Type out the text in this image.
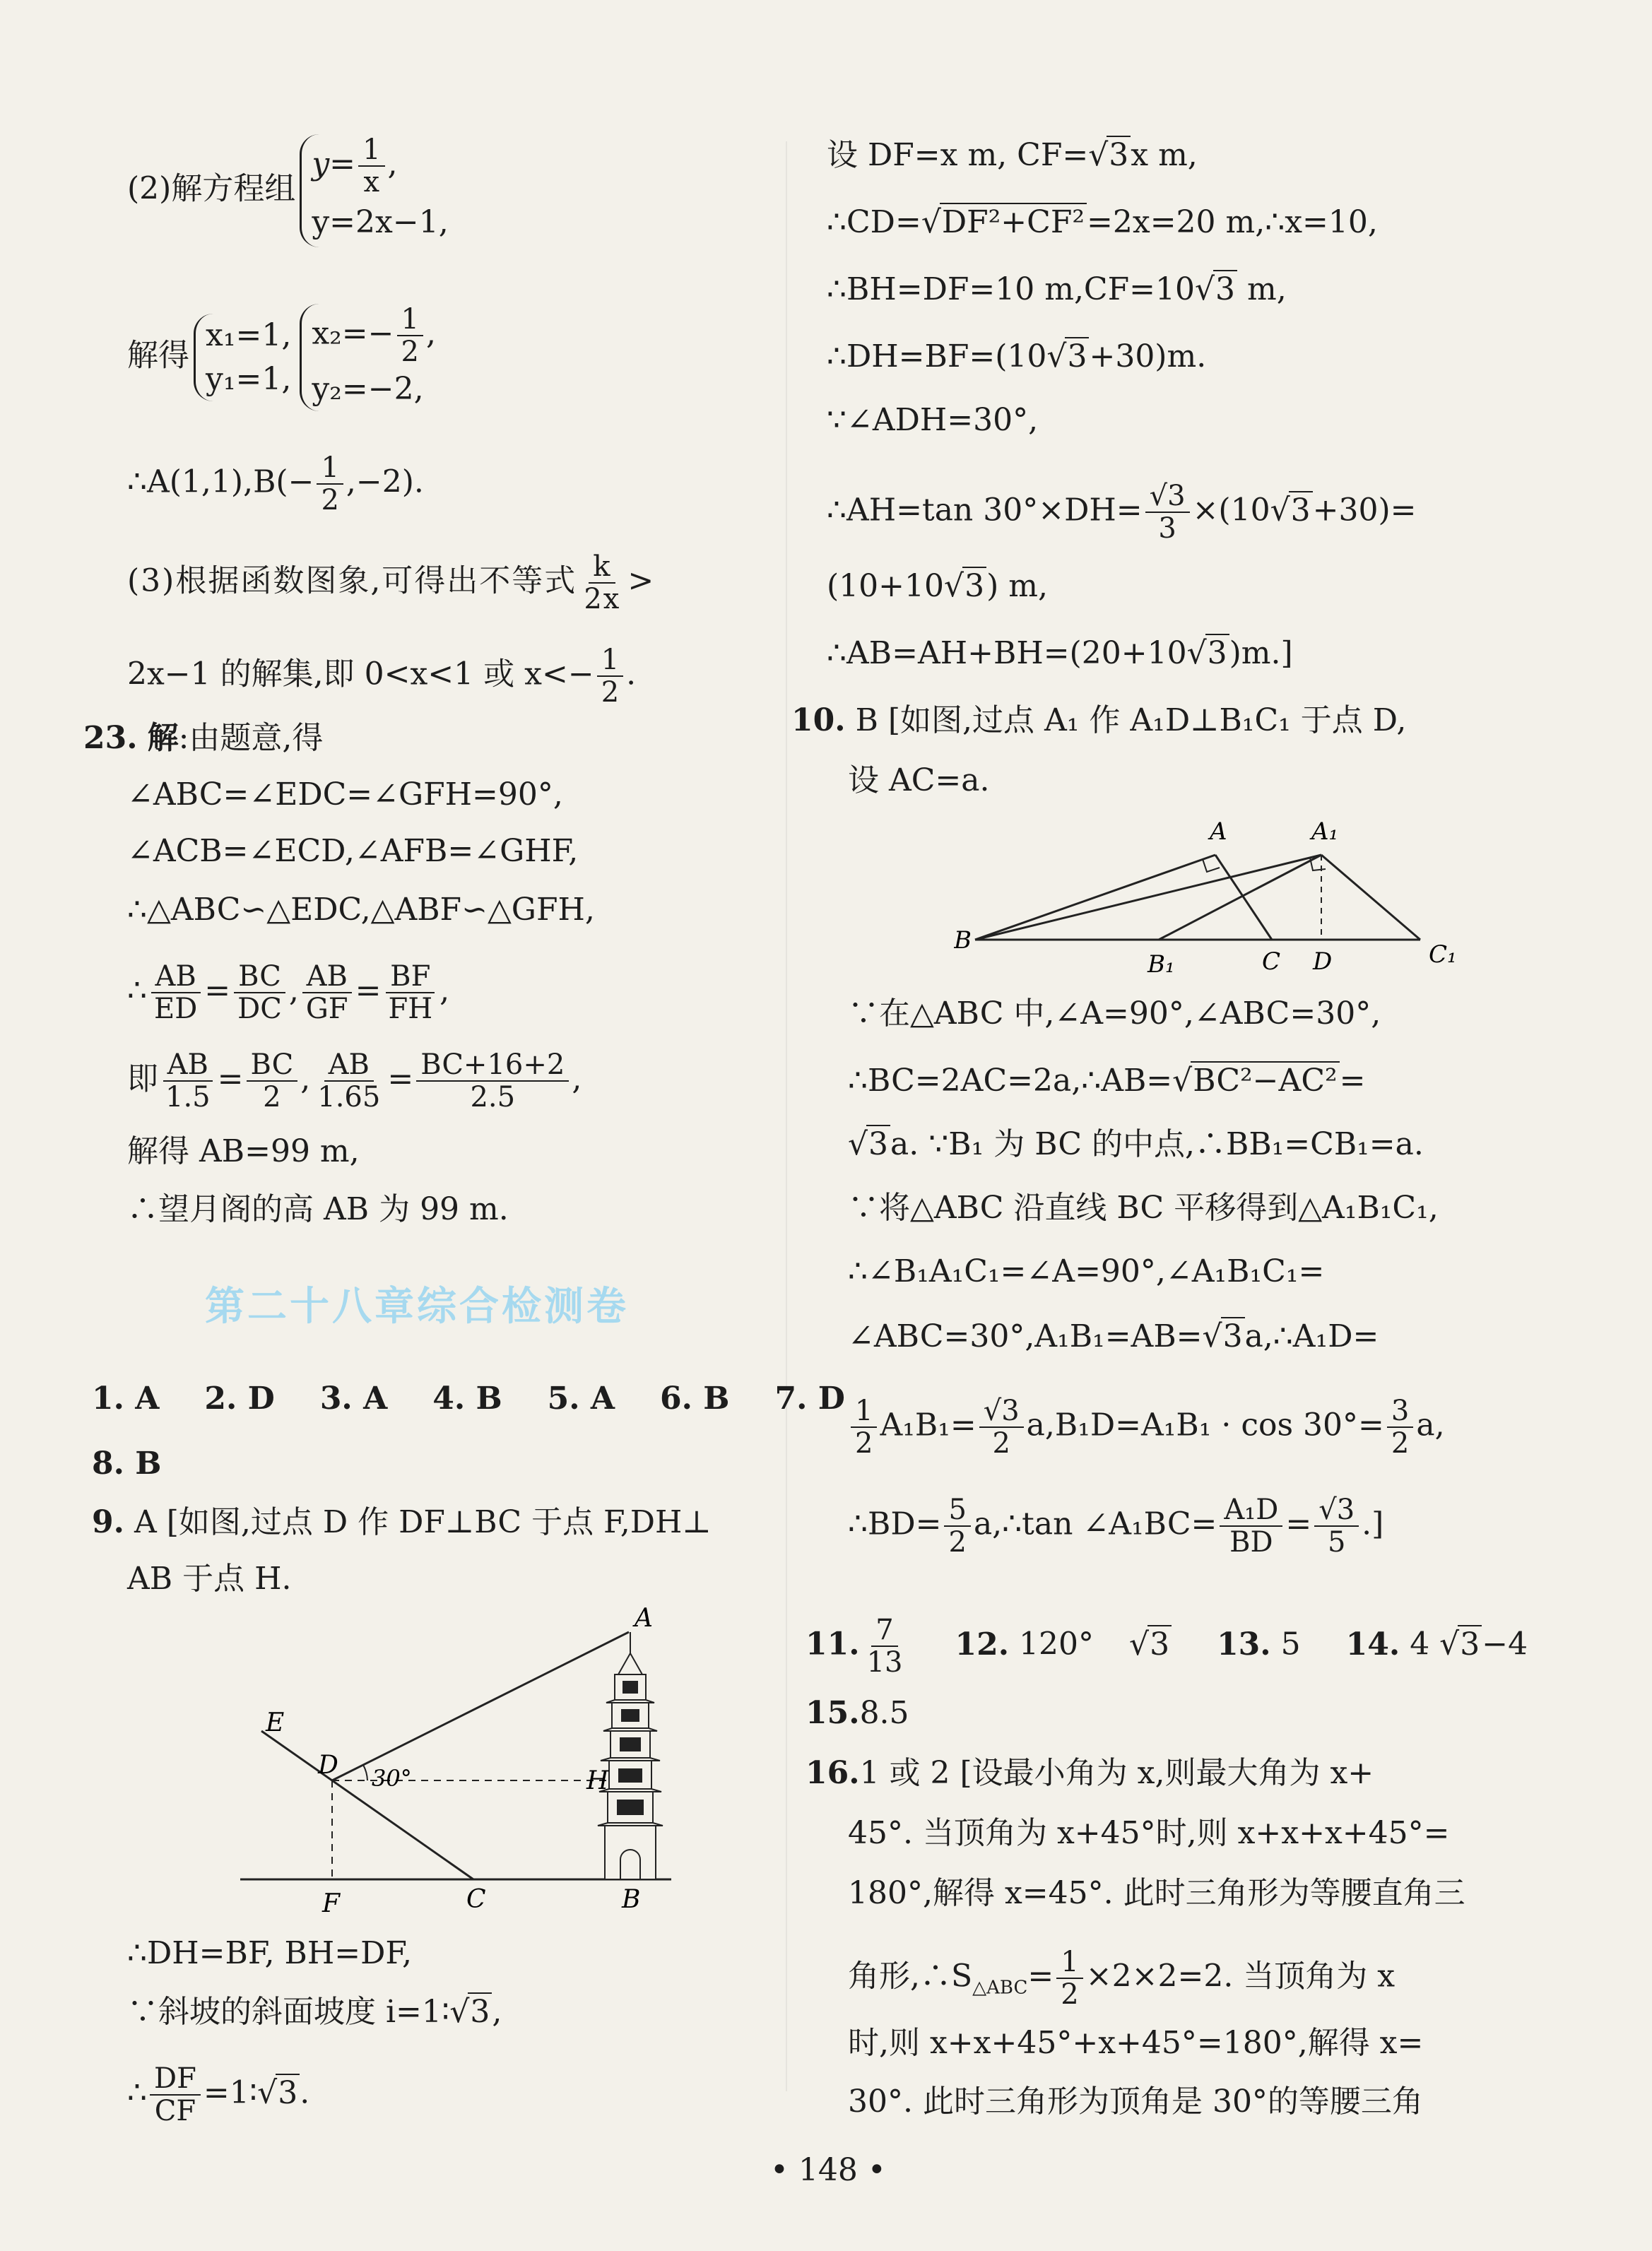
(2)解方程组
$y= \frac{1}{x}$ ,
y=2x−1,
解得
x₁=1,
y₁=1,
$x_2=- \frac{1}{2}$ ,
y₂=−2,
∴A(1,1),B(− $\frac{1}{2} ,-2$).
(3)根据函数图象,可得出不等式 $\frac{k}{2x}$ >
2x−1 的解集,即 0<x<1 或 $x<- \frac{1}{2}$ .
23. 解:由题意,得
∠ABC=∠EDC=∠GFH=90°,
∠ACB=∠ECD,∠AFB=∠GHF,
∴△ABC∽△EDC,△ABF∽△GFH,
∴ $\frac{AB}{ED} = \frac{BC}{DC}$ , $\frac{AB}{GF} = \frac{BF}{FH}$ ,
即 $\frac{AB}{1.5} = \frac{BC}{2}$ , $\frac{AB}{1.65} = \frac{BC+16+2}{2.5}$ ,
解得 AB=99 m,
∴望月阁的高 AB 为 99 m.
第二十八章综合检测卷
1. A 2. D 3. A 4. B 5. A 6. B 7. D
8. B
9. A [如图,过点 D 作 DF⊥BC 于点 F,DH⊥
AB 于点 H.
A
E
D 30°	H
F	C	B
∴DH=BF, BH=DF,
∵斜坡的斜面坡度 i=1∶√3,
∴ $\frac{DF}{CF}$ =1∶√3.
设 DF=x m, CF=√3x m,
∴CD=√DF²+CF²=2x=20 m,∴x=10,
∴BH=DF=10 m,CF=10√3 m,
∴DH=BF=(10√3+30)m.
∵∠ADH=30°,
∴AH=tan $30^\circ\times DH= \frac{√3}{3} \times(10√3+30)=$
(10+10√3) m,
∴AB=AH+BH=(20+10√3)m.]
10. B [如图,过点 A₁ 作 A₁D⊥B₁C₁ 于点 D,
设 AC=a.
A	A₁
B
B₁	C D	C₁
∵在△ABC 中,∠A=90°,∠ABC=30°,
∴BC=2AC=2a,∴AB=√BC²−AC²=
√3a. ∵B₁ 为 BC 的中点,∴BB₁=CB₁=a.
∵将△ABC 沿直线 BC 平移得到△A₁B₁C₁,
∴∠B₁A₁C₁=∠A=90°,∠A₁B₁C₁=
∠ABC=30°,A₁B₁=AB=√3a,∴A₁D=
$\frac{1}{2} A_1B_1= \frac{√3}{2} a,B_1D=A_1B_1 \cdot \cos 30^\circ= \frac{3}{2} a$,
∴BD= $\frac{5}{2}$ a,∴tan ∠A₁BC= $\frac{\text{A₁D}}{BD} = \frac{√3}{5}$ .]
11. $\frac{7}{13} 12$. 120° √3 13. 5 14. 4 √3−4
15.8.5
16.1 或 2 [设最小角为 x,则最大角为 x+
45°. 当顶角为 x+45°时,则 x+x+x+45°=
180°,解得 x=45°. 此时三角形为等腰直角三
角形$,\therefore S_{\triangle ABC}= \frac{1}{2} \times 2\times 2=2$. 当顶角为 x
时,则 x+x+45°+x+45°=180°,解得 x=
30°. 此时三角形为顶角是 30°的等腰三角
• 148 •
